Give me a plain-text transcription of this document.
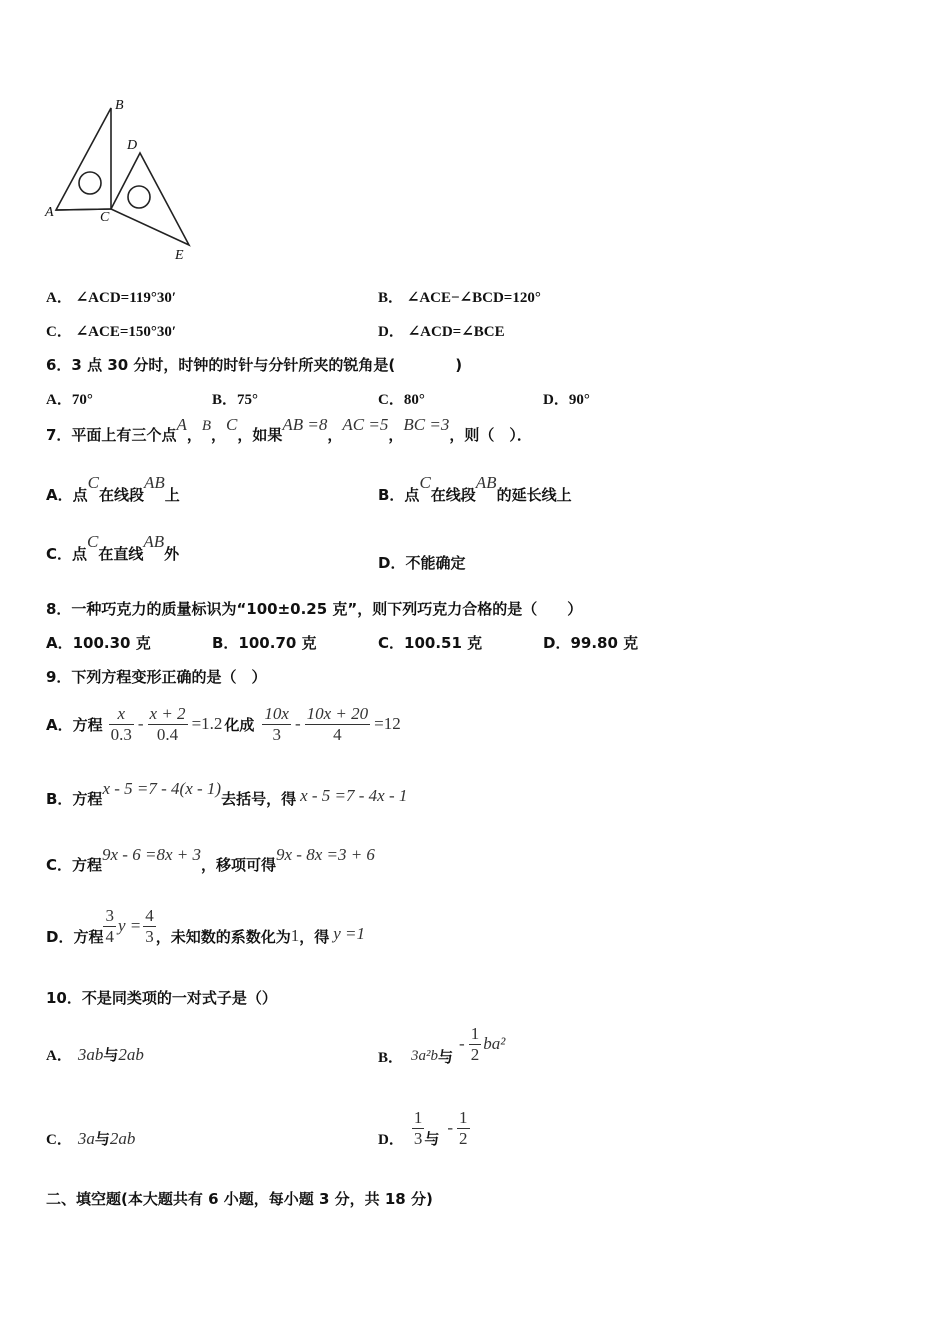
A
B
C
D
E
A． ∠ACD=119°30′	B． ∠ACE−∠BCD=120°
C． ∠ACE=150°30′	D． ∠ACD=∠BCE
6．3 点 30 分时，时钟的时针与分针所夹的锐角是(　　　　)
A．70°	B．75°	C．80°	D．90°
7．平面上有三个点A，B，C，如果AB =8，AC =5，BC =3，则（　）．
A．点C在线段AB上	B．点C在线段AB的延长线上
C．点C在直线AB外	D．不能确定
8．一种巧克力的质量标识为“100±0.25 克”，则下列巧克力合格的是（　　）
A．100.30 克	B．100.70 克	C．100.51 克	D．99.80 克
9．下列方程变形正确的是（　）
A．方程 $\frac{x}{0.3} - \frac{x + 2}{0.4} =1.2$ 化成 $\frac{10x}{3} - \frac{10x + 20}{4} =12$
B．方程x - 5 =7 - 4(x - 1)去括号，得 x - 5 =7 - 4x - 1
C．方程9x - 6 =8x + 3，移项可得9x - 8x =3 + 6
D．方程 $\frac{3}{4}$ $y = \frac{4}{3}$ ，未知数的系数化为 1 ，得 y =1
10．不是同类项的一对式子是（）
A． 3ab与2ab	B． 3a²b 与
- $\frac{1}{2} ba^2$
C． 3a与2ab	D． $\frac{1}{3}$ 与
- $\frac{1}{2}$
二、填空题(本大题共有 6 小题，每小题 3 分，共 18 分)
